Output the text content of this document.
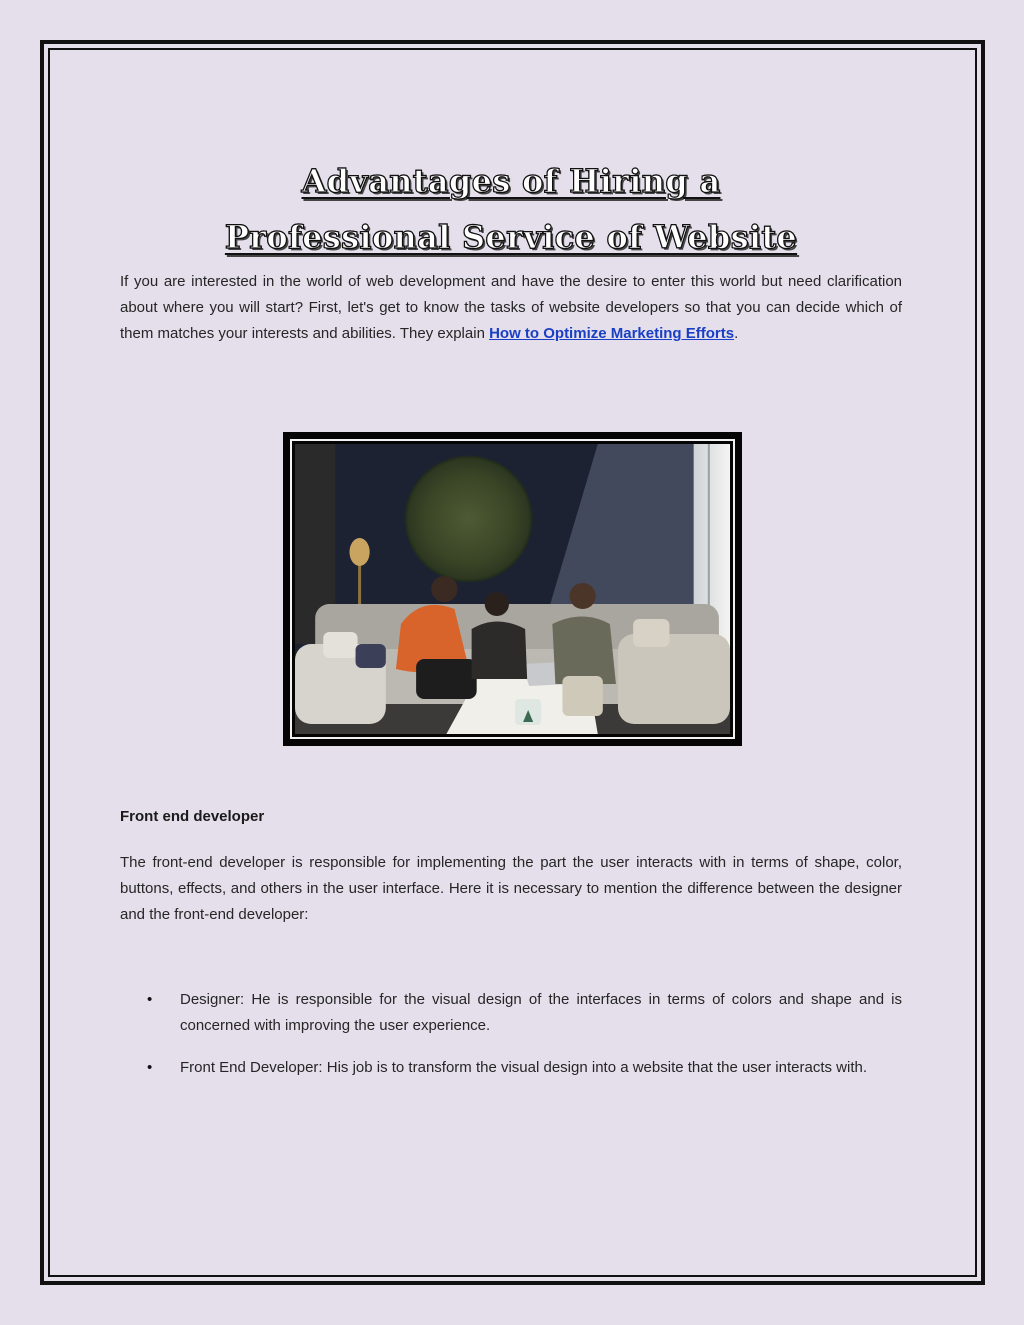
Advantages of Hiring a
Professional Service of Website

If you are interested in the world of web development and have the desire to enter this world but need clarification about where you will start? First, let's get to know the tasks of website developers so that you can decide which of them matches your interests and abilities. They explain How to Optimize Marketing Efforts.

Front end developer

The front-end developer is responsible for implementing the part the user interacts with in terms of shape, color, buttons, effects, and others in the user interface. Here it is necessary to mention the difference between the designer and the front-end developer:

• Designer: He is responsible for the visual design of the interfaces in terms of colors and shape and is concerned with improving the user experience.
• Front End Developer: His job is to transform the visual design into a website that the user interacts with.
